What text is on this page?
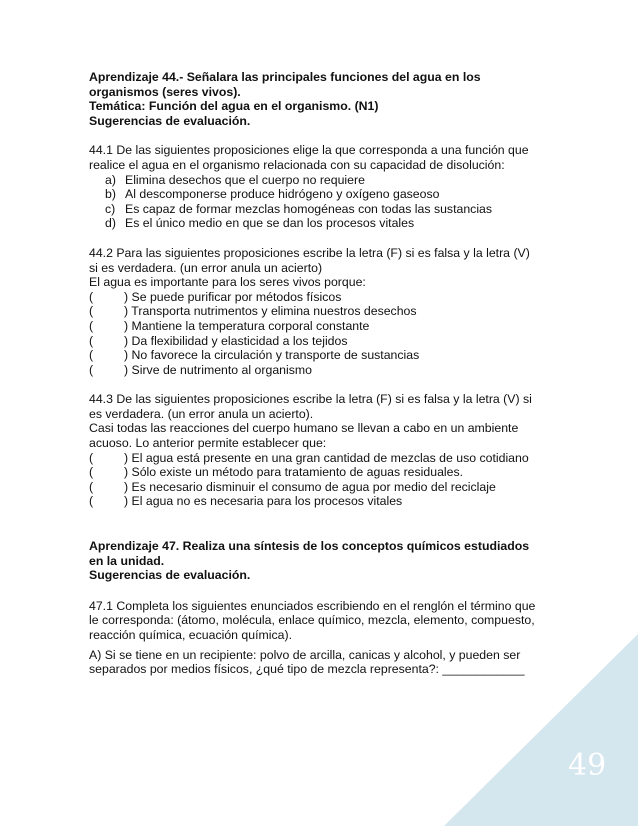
Aprendizaje 44.- Señalara las principales funciones del agua en los

organismos (seres vivos).

Temática: Función del agua en el organismo. (N1)

Sugerencias de evaluación.

44.1 De las siguientes proposiciones elige la que corresponda a una función que

realice el agua en el organismo relacionada con su capacidad de disolución:

a) Elimina desechos que el cuerpo no requiere
b) Al descomponerse produce hidrógeno y oxígeno gaseoso
c) Es capaz de formar mezclas homogéneas con todas las sustancias
d) Es el único medio en que se dan los procesos vitales

44.2 Para las siguientes proposiciones escribe la letra (F) si es falsa y la letra (V)

si es verdadera. (un error anula un acierto)

El agua es importante para los seres vivos porque:

(	) Se puede purificar por métodos físicos
(	) Transporta nutrimentos y elimina nuestros desechos
(	) Mantiene la temperatura corporal constante
(	) Da flexibilidad y elasticidad a los tejidos
(	) No favorece la circulación y transporte de sustancias
(	) Sirve de nutrimento al organismo

44.3 De las siguientes proposiciones escribe la letra (F) si es falsa y la letra (V) si

es verdadera. (un error anula un acierto).

Casi todas las reacciones del cuerpo humano se llevan a cabo en un ambiente

acuoso. Lo anterior permite establecer que:

(	) El agua está presente en una gran cantidad de mezclas de uso cotidiano
(	) Sólo existe un método para tratamiento de aguas residuales.
(	) Es necesario disminuir el consumo de agua por medio del reciclaje
(	) El agua no es necesaria para los procesos vitales

Aprendizaje 47. Realiza una síntesis de los conceptos químicos estudiados

en la unidad.

Sugerencias de evaluación.

47.1 Completa los siguientes enunciados escribiendo en el renglón el término que

le corresponda: (átomo, molécula, enlace químico, mezcla, elemento, compuesto,

reacción química, ecuación química).

A) Si se tiene en un recipiente: polvo de arcilla, canicas y alcohol, y pueden ser

separados por medios físicos, ¿qué tipo de mezcla representa?: ____________

49
